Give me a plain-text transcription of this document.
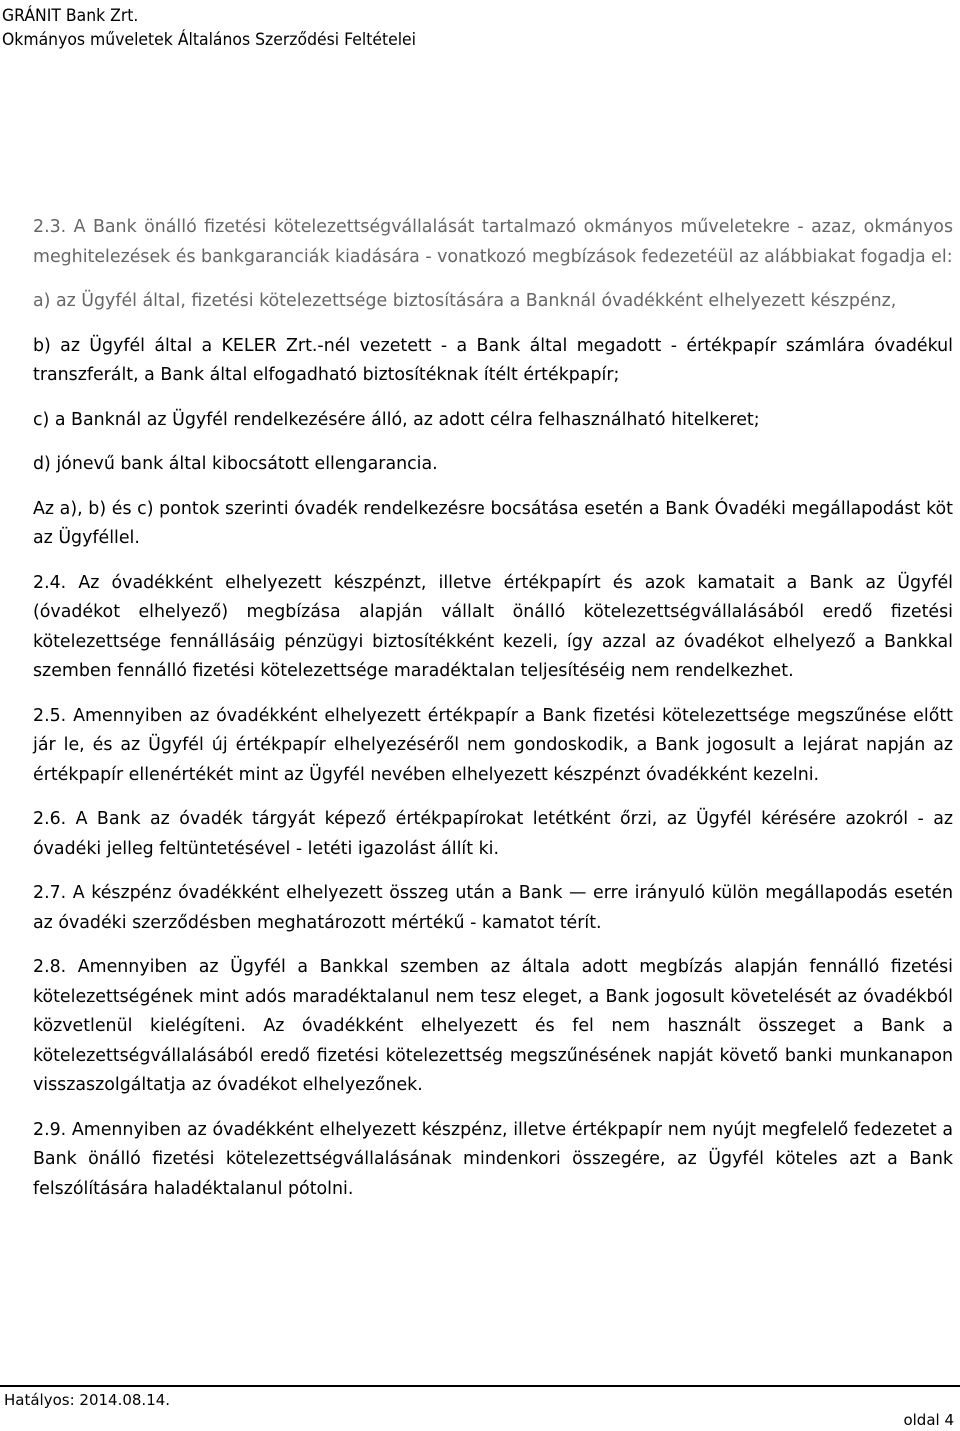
GRÁNIT Bank Zrt.
Okmányos műveletek Általános Szerződési Feltételei

2.3. A Bank önálló fizetési kötelezettségvállalását tartalmazó okmányos műveletekre - azaz, okmányos meghitelezések és bankgaranciák kiadására - vonatkozó megbízások fedezetéül az alábbiakat fogadja el:

a) az Ügyfél által, fizetési kötelezettsége biztosítására a Banknál óvadékként elhelyezett készpénz,

b) az Ügyfél által a KELER Zrt.-nél vezetett - a Bank által megadott - értékpapír számlára óvadékul transzferált, a Bank által elfogadható biztosítéknak ítélt értékpapír;

c) a Banknál az Ügyfél rendelkezésére álló, az adott célra felhasználható hitelkeret;

d) jónevű bank által kibocsátott ellengarancia.

Az a), b) és c) pontok szerinti óvadék rendelkezésre bocsátása esetén a Bank Óvadéki megállapodást köt az Ügyféllel.

2.4. Az óvadékként elhelyezett készpénzt, illetve értékpapírt és azok kamatait a Bank az Ügyfél (óvadékot elhelyező) megbízása alapján vállalt önálló kötelezettségvállalásából eredő fizetési kötelezettsége fennállásáig pénzügyi biztosítékként kezeli, így azzal az óvadékot elhelyező a Bankkal szemben fennálló fizetési kötelezettsége maradéktalan teljesítéséig nem rendelkezhet.

2.5. Amennyiben az óvadékként elhelyezett értékpapír a Bank fizetési kötelezettsége megszűnése előtt jár le, és az Ügyfél új értékpapír elhelyezéséről nem gondoskodik, a Bank jogosult a lejárat napján az értékpapír ellenértékét mint az Ügyfél nevében elhelyezett készpénzt óvadékként kezelni.

2.6. A Bank az óvadék tárgyát képező értékpapírokat letétként őrzi, az Ügyfél kérésére azokról - az óvadéki jelleg feltüntetésével - letéti igazolást állít ki.

2.7. A készpénz óvadékként elhelyezett összeg után a Bank — erre irányuló külön megállapodás esetén az óvadéki szerződésben meghatározott mértékű - kamatot térít.

2.8. Amennyiben az Ügyfél a Bankkal szemben az általa adott megbízás alapján fennálló fizetési kötelezettségének mint adós maradéktalanul nem tesz eleget, a Bank jogosult követelését az óvadékból közvetlenül kielégíteni. Az óvadékként elhelyezett és fel nem használt összeget a Bank a kötelezettségvállalásából eredő fizetési kötelezettség megszűnésének napját követő banki munkanapon visszaszolgáltatja az óvadékot elhelyezőnek.

2.9. Amennyiben az óvadékként elhelyezett készpénz, illetve értékpapír nem nyújt megfelelő fedezetet a Bank önálló fizetési kötelezettségvállalásának mindenkori összegére, az Ügyfél köteles azt a Bank felszólítására haladéktalanul pótolni.

Hatályos: 2014.08.14.
oldal 4
